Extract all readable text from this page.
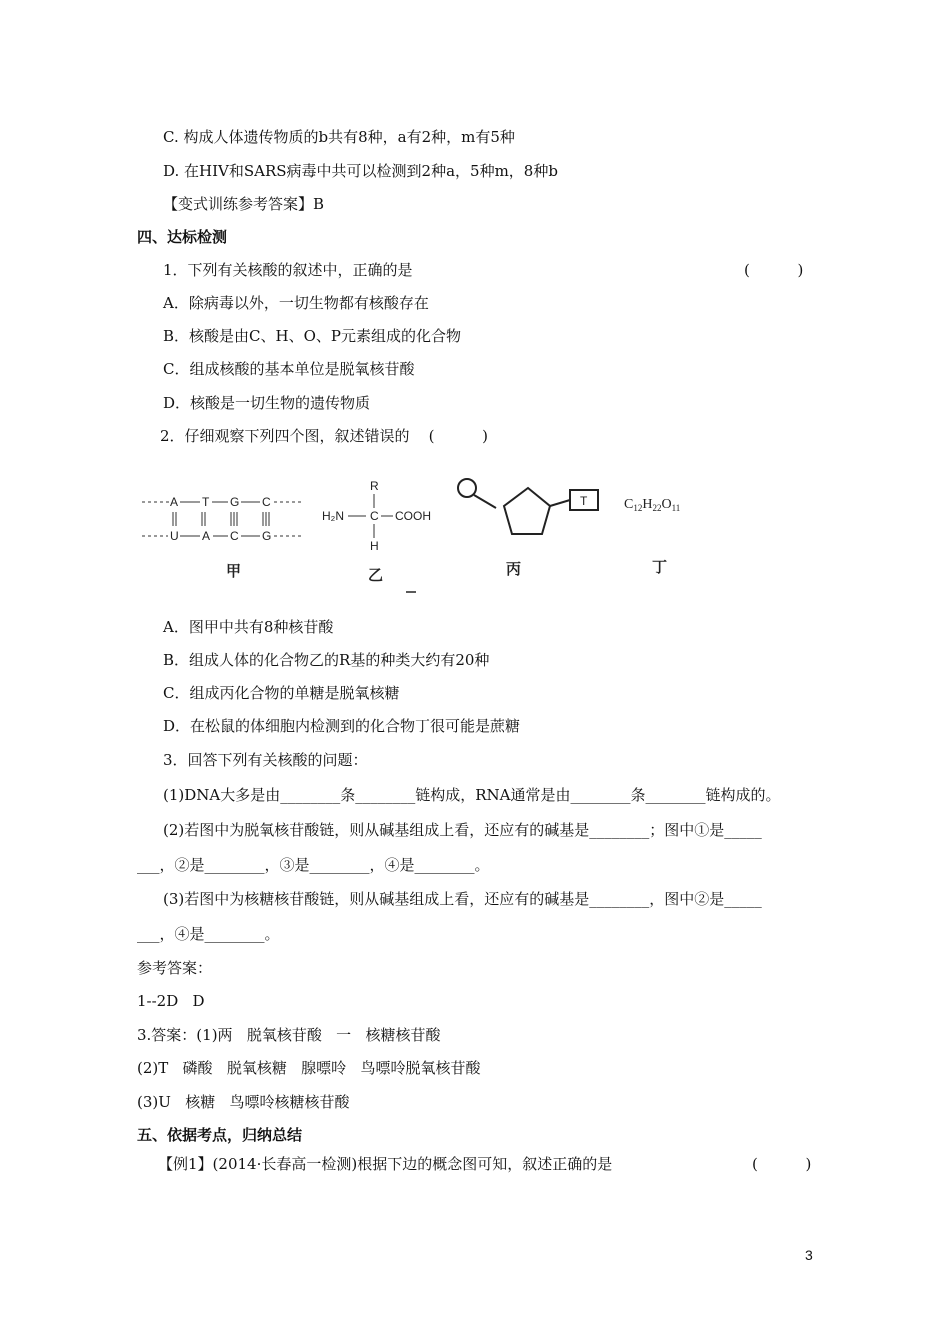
C. 构成人体遗传物质的b共有8种，a有2种，m有5种
D. 在HIV和SARS病毒中共可以检测到2种a，5种m，8种b
【变式训练参考答案】B
四、达标检测
1．下列有关核酸的叙述中，正确的是	(          )
A．除病毒以外，一切生物都有核酸存在
B．核酸是由C、H、O、P元素组成的化合物
C．组成核酸的基本单位是脱氧核苷酸
D．核酸是一切生物的遗传物质
2．仔细观察下列四个图，叙述错误的    (          )
A T G C
U A C G
甲
R
H₂N C COOH
H
乙
T
丙
$C_{12}H_{22}O_{11}$
丁
A．图甲中共有8种核苷酸
B．组成人体的化合物乙的R基的种类大约有20种
C．组成丙化合物的单糖是脱氧核糖
D．在松鼠的体细胞内检测到的化合物丁很可能是蔗糖
3．回答下列有关核酸的问题：
(1)DNA大多是由________条________链构成，RNA通常是由________条________链构成的。
(2)若图中为脱氧核苷酸链，则从碱基组成上看，还应有的碱基是________；图中①是_____
___，②是________，③是________，④是________。
(3)若图中为核糖核苷酸链，则从碱基组成上看，还应有的碱基是________，图中②是_____
___，④是________。
参考答案：
1--2D   D
3.答案：(1)两   脱氧核苷酸   一   核糖核苷酸
(2)T   磷酸   脱氧核糖   腺嘌呤   鸟嘌呤脱氧核苷酸
(3)U   核糖   鸟嘌呤核糖核苷酸
五、依据考点，归纳总结
【例1】(2014·长春高一检测)根据下边的概念图可知，叙述正确的是	(          )
3
